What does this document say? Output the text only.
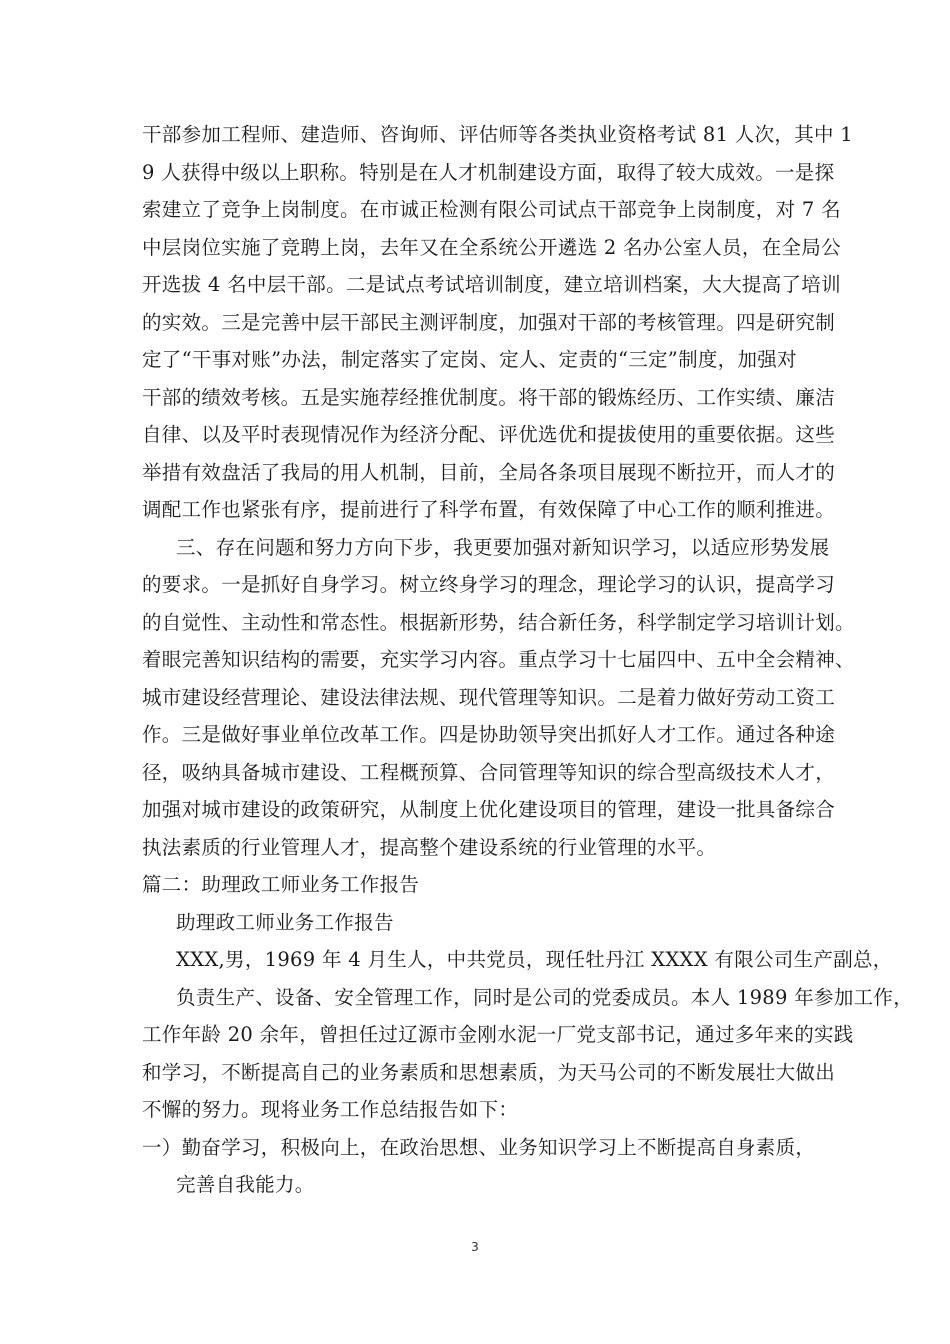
干部参加工程师、建造师、咨询师、评估师等各类执业资格考试 81 人次，其中 1
9 人获得中级以上职称。特别是在人才机制建设方面，取得了较大成效。一是探
索建立了竞争上岗制度。在市诚正检测有限公司试点干部竞争上岗制度，对 7 名
中层岗位实施了竞聘上岗，去年又在全系统公开遴选 2 名办公室人员，在全局公
开选拔 4 名中层干部。二是试点考试培训制度，建立培训档案，大大提高了培训
的实效。三是完善中层干部民主测评制度，加强对干部的考核管理。四是研究制
定了“干事对账”办法，制定落实了定岗、定人、定责的“三定”制度，加强对
干部的绩效考核。五是实施荐经推优制度。将干部的锻炼经历、工作实绩、廉洁
自律、以及平时表现情况作为经济分配、评优选优和提拔使用的重要依据。这些
举措有效盘活了我局的用人机制，目前，全局各条项目展现不断拉开，而人才的
调配工作也紧张有序，提前进行了科学布置，有效保障了中心工作的顺利推进。
三、存在问题和努力方向下步，我更要加强对新知识学习，以适应形势发展
的要求。一是抓好自身学习。树立终身学习的理念，理论学习的认识，提高学习
的自觉性、主动性和常态性。根据新形势，结合新任务，科学制定学习培训计划。
着眼完善知识结构的需要，充实学习内容。重点学习十七届四中、五中全会精神、
城市建设经营理论、建设法律法规、现代管理等知识。二是着力做好劳动工资工
作。三是做好事业单位改革工作。四是协助领导突出抓好人才工作。通过各种途
径，吸纳具备城市建设、工程概预算、合同管理等知识的综合型高级技术人才，
加强对城市建设的政策研究，从制度上优化建设项目的管理，建设一批具备综合
执法素质的行业管理人才，提高整个建设系统的行业管理的水平。
篇二：助理政工师业务工作报告
助理政工师业务工作报告
XXX,男，1969 年 4 月生人，中共党员，现任牡丹江 XXXX 有限公司生产副总，
负责生产、设备、安全管理工作，同时是公司的党委成员。本人 1989 年参加工作，
工作年龄 20 余年，曾担任过辽源市金刚水泥一厂党支部书记，通过多年来的实践
和学习，不断提高自己的业务素质和思想素质，为天马公司的不断发展壮大做出
不懈的努力。现将业务工作总结报告如下：
一）勤奋学习，积极向上，在政治思想、业务知识学习上不断提高自身素质，
完善自我能力。
3
